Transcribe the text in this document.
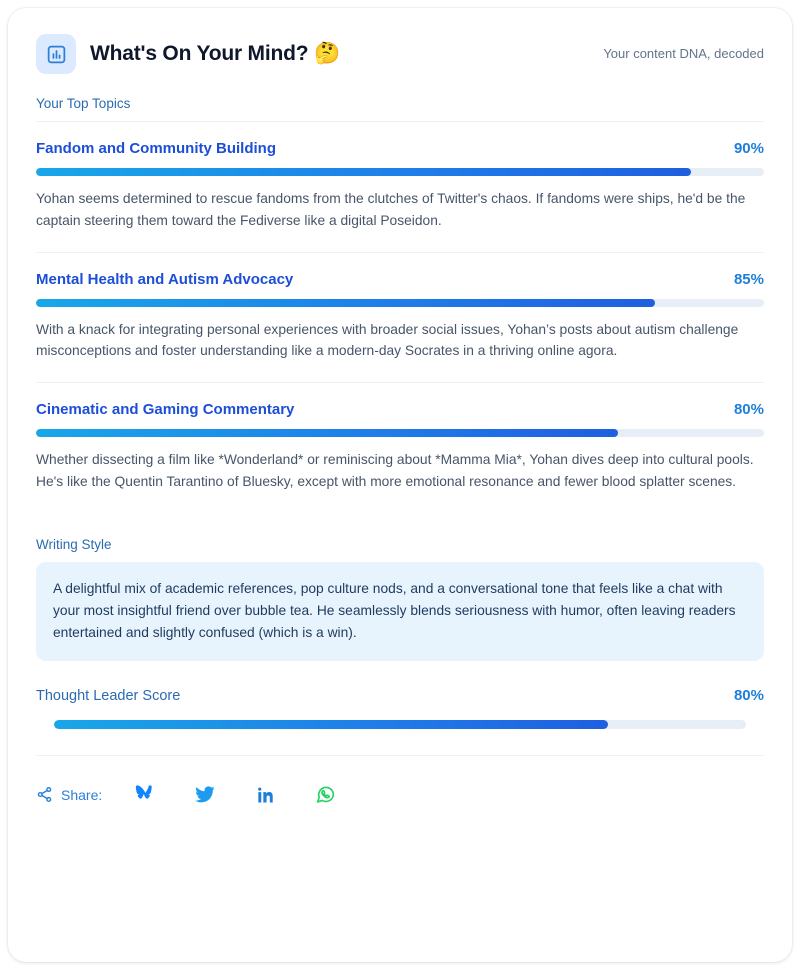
What's On Your Mind? 🤔	Your content DNA, decoded
Your Top Topics
Fandom and Community Building	90%

Yohan seems determined to rescue fandoms from the clutches of Twitter's chaos. If fandoms were ships, he'd be the captain steering them toward the Fediverse like a digital Poseidon.

Mental Health and Autism Advocacy	85%

With a knack for integrating personal experiences with broader social issues, Yohan’s posts about autism challenge misconceptions and foster understanding like a modern-day Socrates in a thriving online agora.

Cinematic and Gaming Commentary	80%

Whether dissecting a film like *Wonderland* or reminiscing about *Mamma Mia*, Yohan dives deep into cultural pools. He's like the Quentin Tarantino of Bluesky, except with more emotional resonance and fewer blood splatter scenes.

Writing Style

A delightful mix of academic references, pop culture nods, and a conversational tone that feels like a chat with your most insightful friend over bubble tea. He seamlessly blends seriousness with humor, often leaving readers entertained and slightly confused (which is a win).

Thought Leader Score	80%
Share:
